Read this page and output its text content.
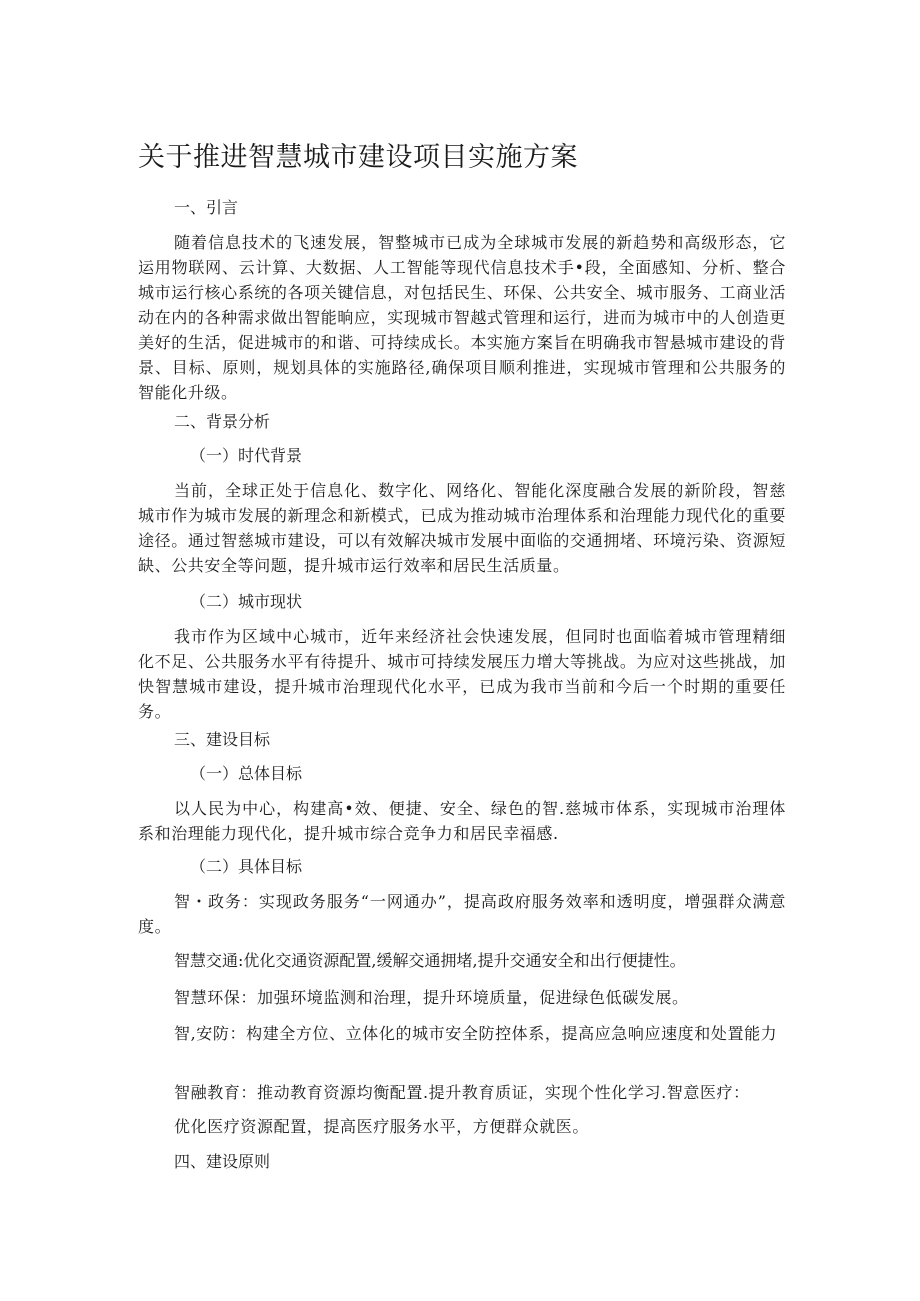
关于推进智慧城市建设项目实施方案

一、引言

随着信息技术的飞速发展，智整城市已成为全球城市发展的新趋势和高级形态，它运用物联网、云计算、大数据、人工智能等现代信息技术手•段，全面感知、分析、整合城市运行核心系统的各项关键信息，对包括民生、环保、公共安全、城市服务、工商业活动在内的各种需求做出智能晌应，实现城市智越式管理和运行，进而为城市中的人创造更美好的生活，促进城市的和谐、可持续成长。本实施方案旨在明确我市智悬城市建设的背景、目标、原则，规划具体的实施路径,确保项目顺利推进，实现城市管理和公共服务的智能化升级。

二、背景分析

（一）时代背景

当前，全球正处于信息化、数字化、网络化、智能化深度融合发展的新阶段，智慈城市作为城市发展的新理念和新模式，已成为推动城市治理体系和治理能力现代化的重要途径。通过智慈城市建设，可以有效解决城市发展中面临的交通拥堵、环境污染、资源短缺、公共安全等问题，提升城市运行效率和居民生活质量。

（二）城市现状

我市作为区域中心城市，近年来经济社会快速发展，但同时也面临着城市管理精细化不足、公共服务水平有待提升、城市可持续发展压力增大等挑战。为应对这些挑战，加快智慧城市建设，提升城市治理现代化水平，已成为我市当前和今后一个时期的重要任务。

三、建设目标

（一）总体目标

以人民为中心，构建高•效、便捷、安全、绿色的智.慈城市体系，实现城市治理体系和治理能力现代化，提升城市综合竞争力和居民幸福感.

（二）具体目标

智・政务：实现政务服务“一网通办”，提高政府服务效率和透明度，增强群众满意度。

智慧交通:优化交通资源配置,缓解交通拥堵,提升交通安全和出行便捷性。

智慧环保：加强环境监测和治理，提升环境质量，促进绿色低碳发展。

智,安防：构建全方位、立体化的城市安全防控体系，提高应急响应速度和处置能力

智融教育：推动教育资源均衡配置.提升教育质证，实现个性化学习.智意医疗：

优化医疗资源配置，提高医疗服务水平，方便群众就医。

四、建设原则
